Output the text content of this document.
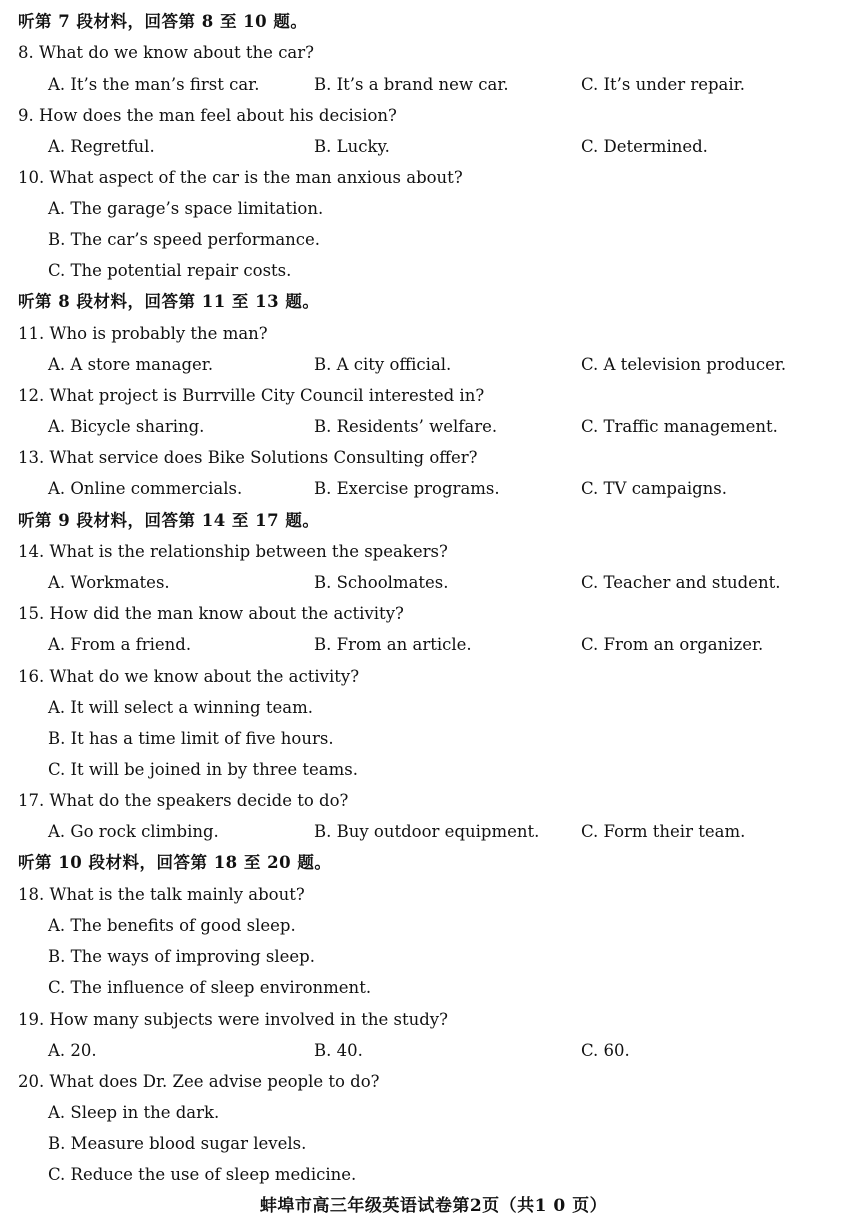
听第 7 段材料，回答第 8 至 10 题。
8. What do we know about the car?
A. It’s the man’s first car.	B. It’s a brand new car.	C. It’s under repair.
9. How does the man feel about his decision?
A. Regretful.	B. Lucky.	C. Determined.
10. What aspect of the car is the man anxious about?
A. The garage’s space limitation.
B. The car’s speed performance.
C. The potential repair costs.
听第 8 段材料，回答第 11 至 13 题。
11. Who is probably the man?
A. A store manager.	B. A city official.	C. A television producer.
12. What project is Burrville City Council interested in?
A. Bicycle sharing.	B. Residents’ welfare.	C. Traffic management.
13. What service does Bike Solutions Consulting offer?
A. Online commercials.	B. Exercise programs.	C. TV campaigns.
听第 9 段材料，回答第 14 至 17 题。
14. What is the relationship between the speakers?
A. Workmates.	B. Schoolmates.	C. Teacher and student.
15. How did the man know about the activity?
A. From a friend.	B. From an article.	C. From an organizer.
16. What do we know about the activity?
A. It will select a winning team.
B. It has a time limit of five hours.
C. It will be joined in by three teams.
17. What do the speakers decide to do?
A. Go rock climbing.	B. Buy outdoor equipment.	C. Form their team.
听第 10 段材料，回答第 18 至 20 题。
18. What is the talk mainly about?
A. The benefits of good sleep.
B. The ways of improving sleep.
C. The influence of sleep environment.
19. How many subjects were involved in the study?
A. 20.	B. 40.	C. 60.
20. What does Dr. Zee advise people to do?
A. Sleep in the dark.
B. Measure blood sugar levels.
C. Reduce the use of sleep medicine.
蚌埠市高三年级英语试卷第2页（共1 0 页）
